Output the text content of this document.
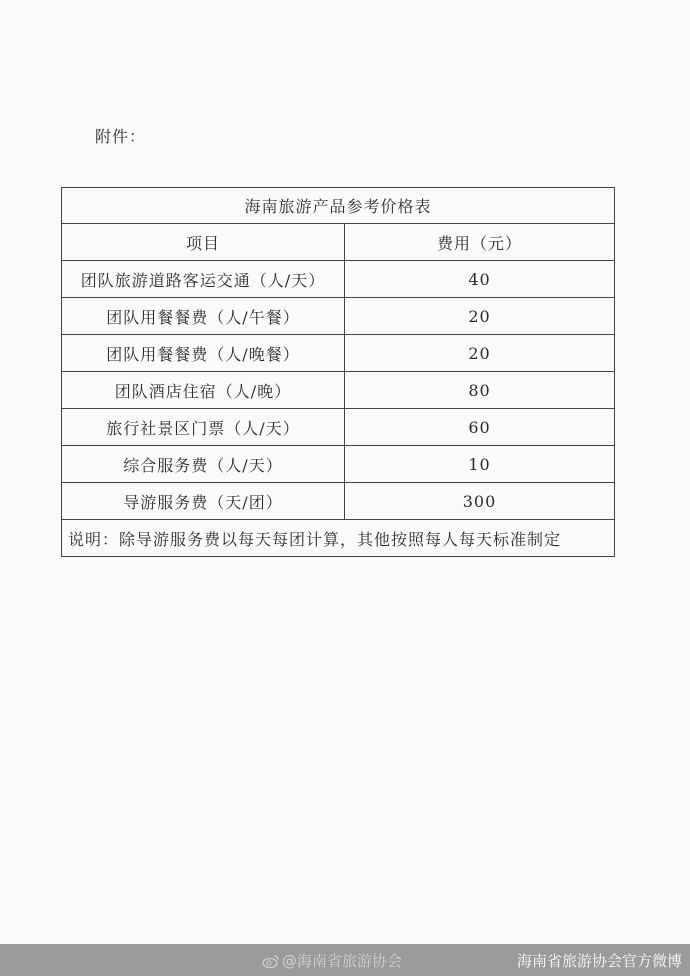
附件：
海南旅游产品参考价格表	
项目	费用（元）
团队旅游道路客运交通（人/天）	40
团队用餐餐费（人/午餐）	20
团队用餐餐费（人/晚餐）	20
团队酒店住宿（人/晚）	80
旅行社景区门票（人/天）	60
综合服务费（人/天）	10
导游服务费（天/团）	300
说明：除导游服务费以每天每团计算，其他按照每人每天标准制定	
@海南省旅游协会	海南省旅游协会官方微博
